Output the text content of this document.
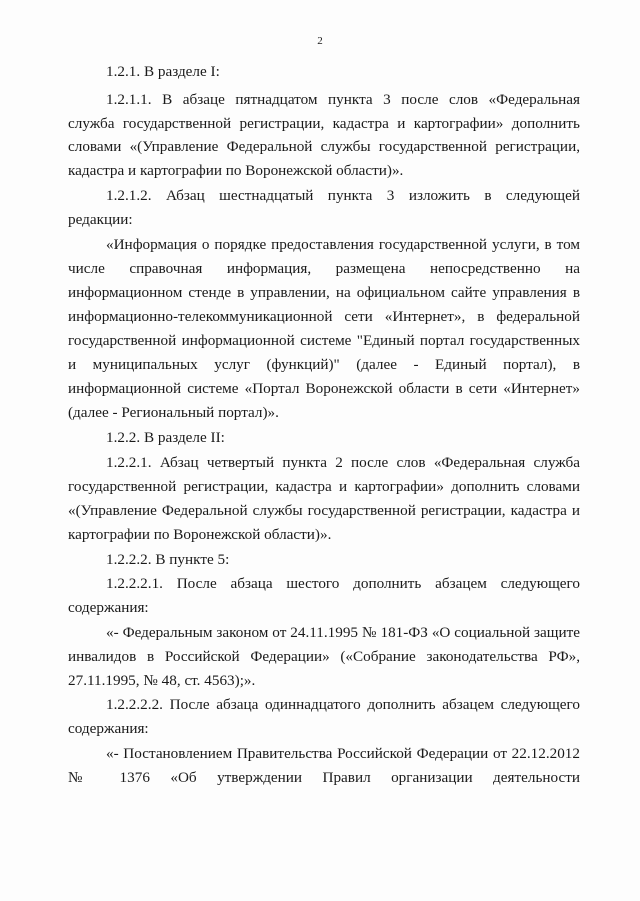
2
1.2.1. В разделе I:
1.2.1.1. В абзаце пятнадцатом пункта 3 после слов «Федеральная
служба государственной регистрации, кадастра и картографии» дополнить
словами «(Управление Федеральной службы государственной регистрации,
кадастра и картографии по Воронежской области)».
1.2.1.2. Абзац шестнадцатый пункта 3 изложить в следующей
редакции:
«Информация о порядке предоставления государственной услуги, в том
числе справочная информация, размещена непосредственно на
информационном стенде в управлении, на официальном сайте управления в
информационно-телекоммуникационной сети «Интернет», в федеральной
государственной информационной системе "Единый портал государственных
и муниципальных услуг (функций)" (далее - Единый портал), в
информационной системе «Портал Воронежской области в сети «Интернет»
(далее - Региональный портал)».
1.2.2. В разделе II:
1.2.2.1. Абзац четвертый пункта 2 после слов «Федеральная служба
государственной регистрации, кадастра и картографии» дополнить словами
«(Управление Федеральной службы государственной регистрации, кадастра и
картографии по Воронежской области)».
1.2.2.2. В пункте 5:
1.2.2.2.1. После абзаца шестого дополнить абзацем следующего
содержания:
«- Федеральным законом от 24.11.1995 № 181-ФЗ «О социальной защите
инвалидов в Российской Федерации» («Собрание законодательства РФ»,
27.11.1995, № 48, ст. 4563);».
1.2.2.2.2. После абзаца одиннадцатого дополнить абзацем следующего
содержания:
«- Постановлением Правительства Российской Федерации от 22.12.2012
№ 1376 «Об утверждении Правил организации деятельности
